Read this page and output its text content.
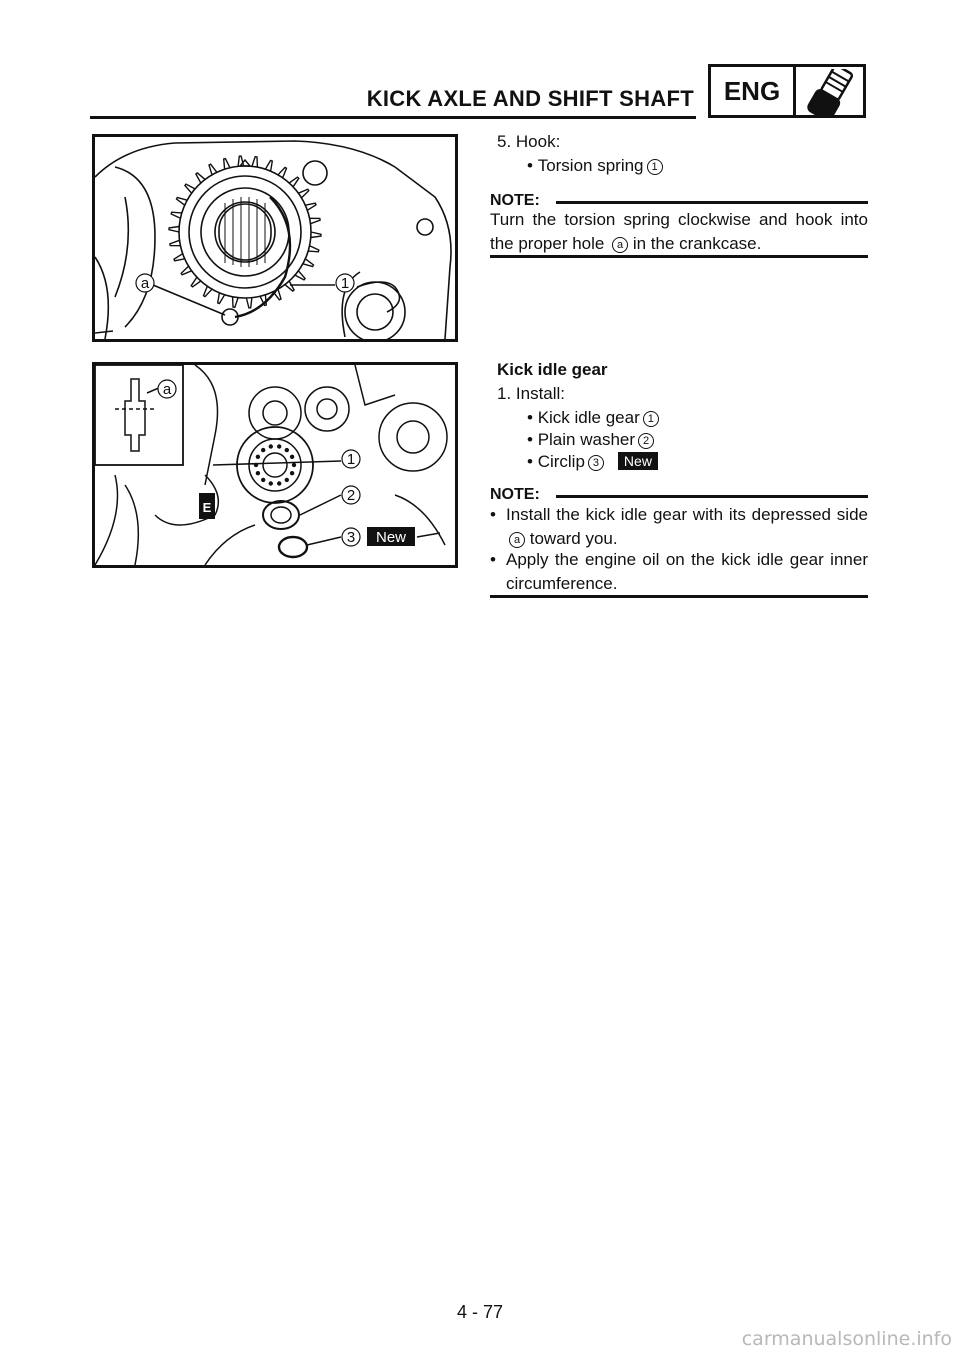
KICK AXLE AND SHIFT SHAFT	ENG
a	1
5. Hook:
• Torsion spring 1
NOTE:
Turn the torsion spring clockwise and hook into the proper hole a in the crankcase.
E
a
1
2
3 New
Kick idle gear
1. Install:
• Kick idle gear 1
• Plain washer 2
• Circlip 3 New
NOTE:
• Install the kick idle gear with its depressed side a toward you.
• Apply the engine oil on the kick idle gear inner circumference.
4 - 77
carmanualsonline.info
